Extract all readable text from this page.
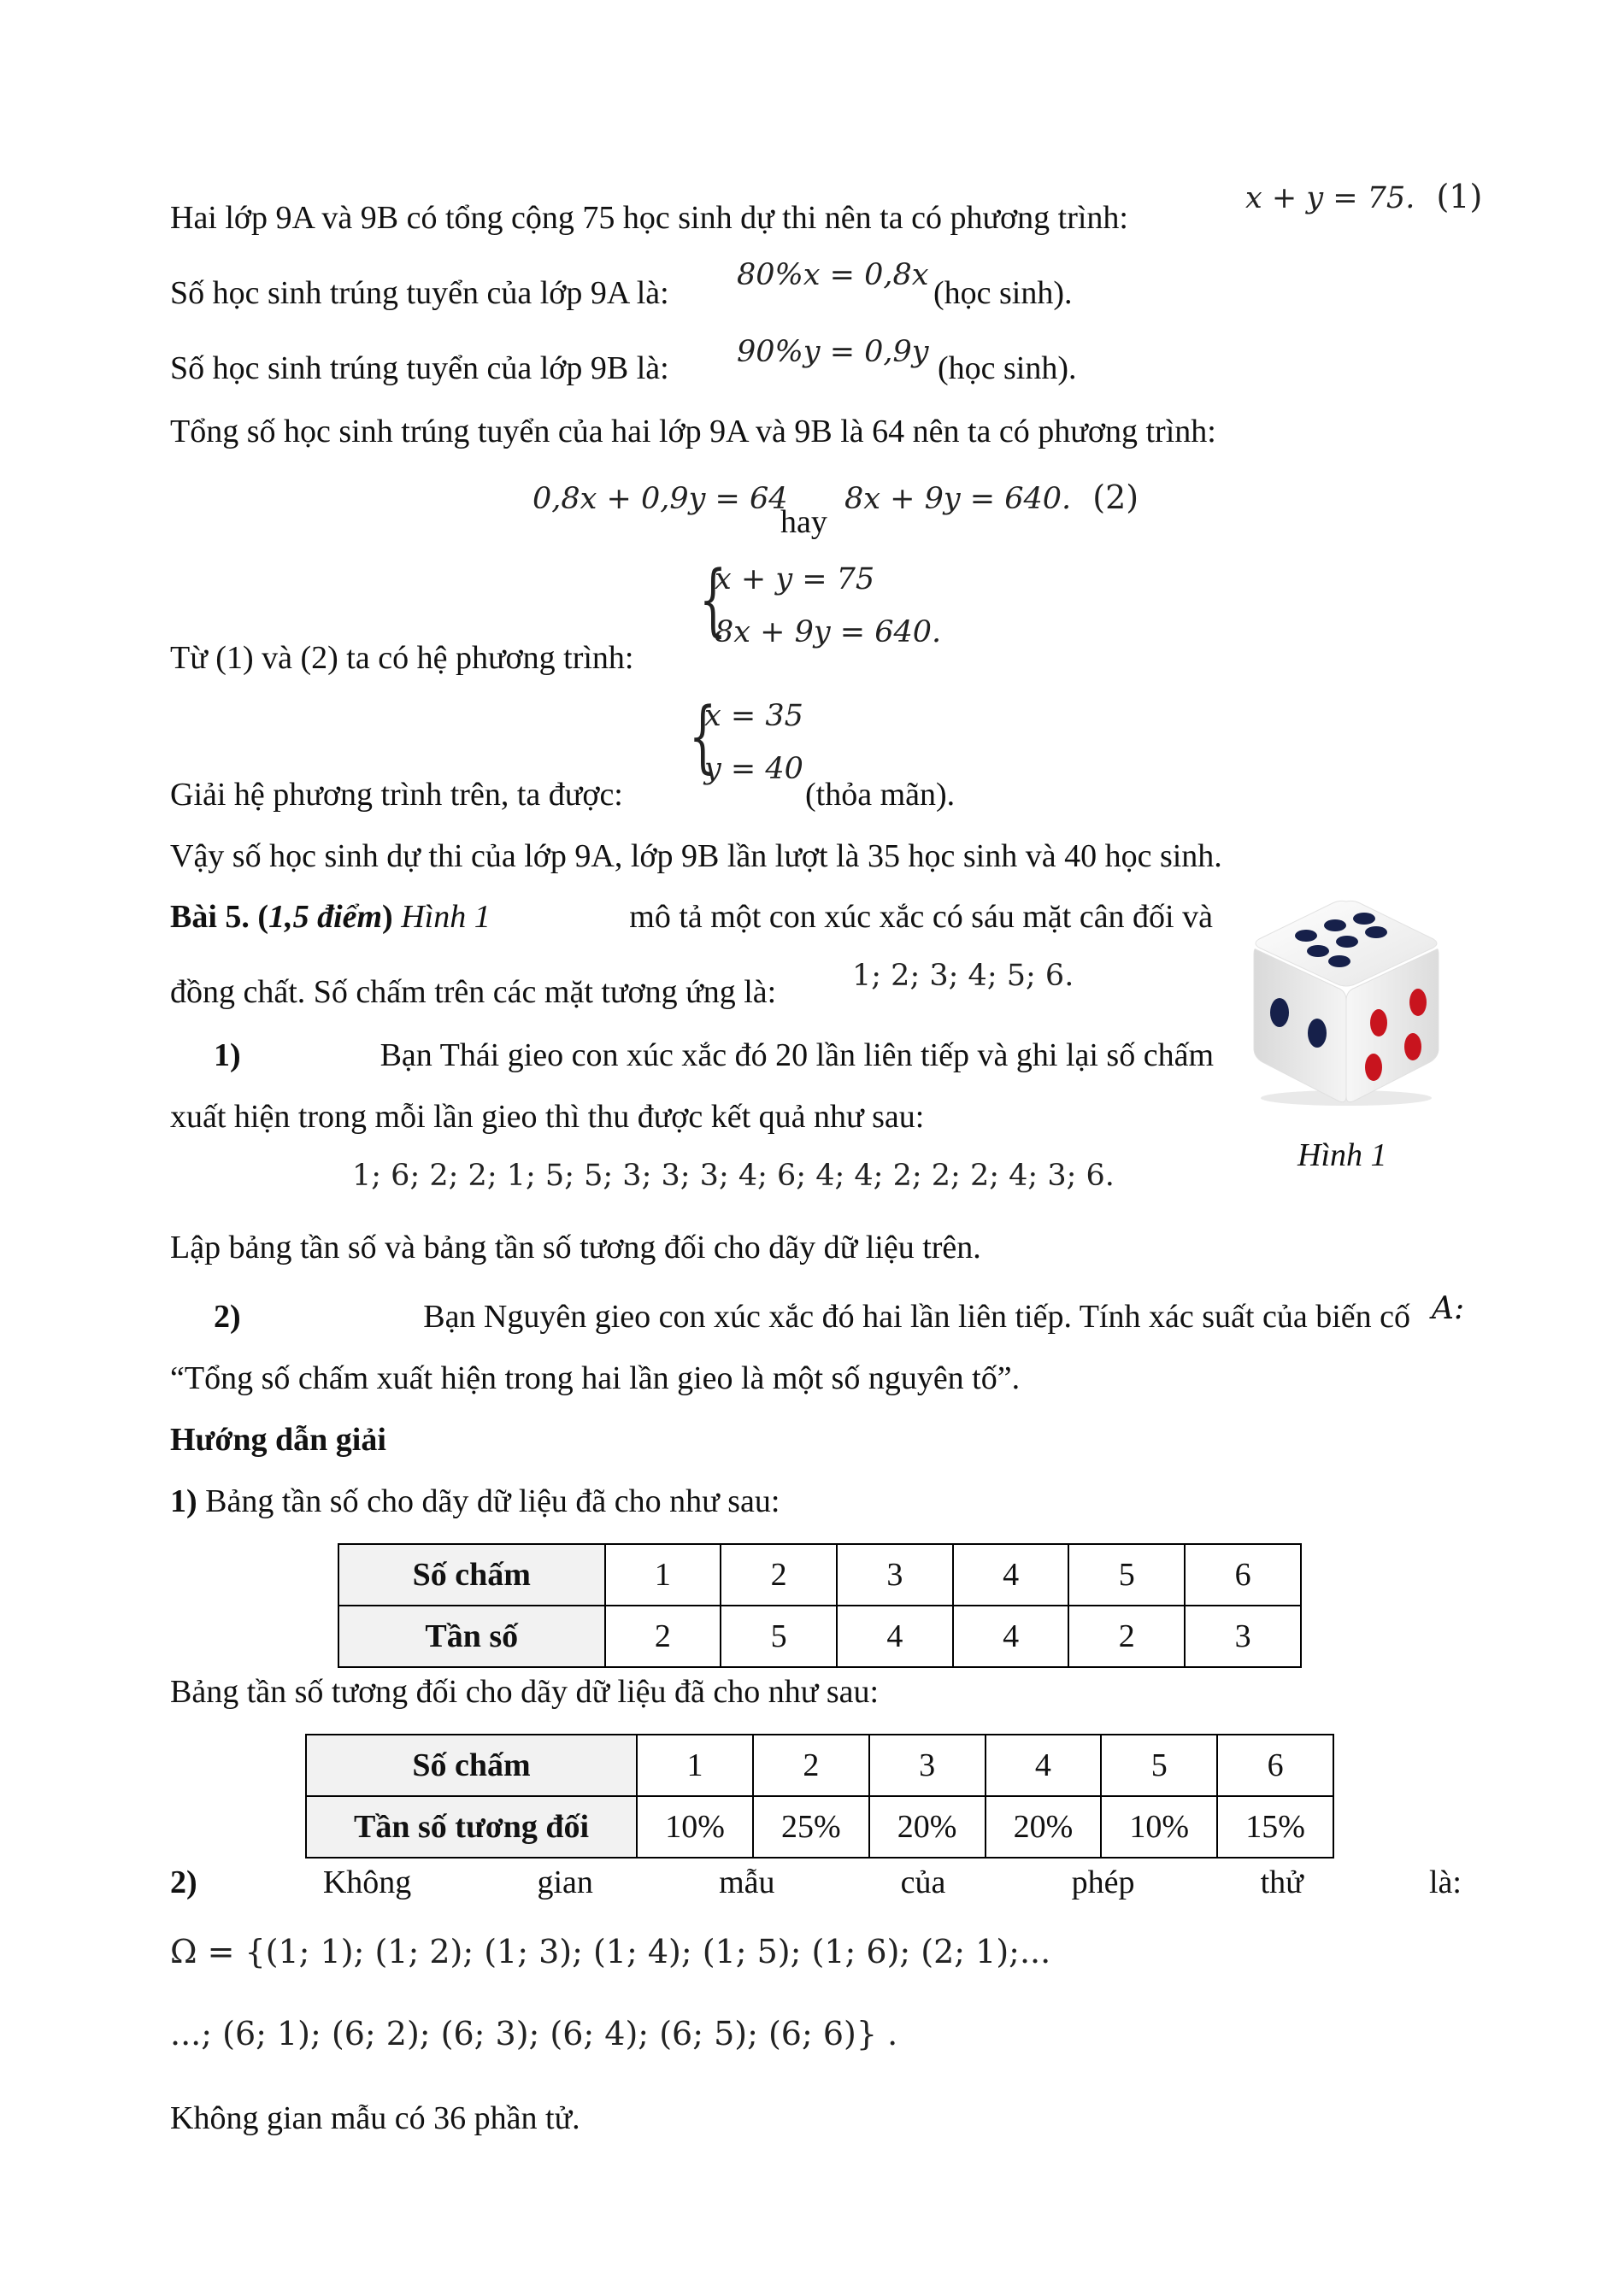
Hai lớp 9A và 9B có tổng cộng 75 học sinh dự thi nên ta có phương trình:
x + y = 75. (1)
Số học sinh trúng tuyển của lớp 9A là: 80%x = 0,8x (học sinh).
Số học sinh trúng tuyển của lớp 9B là: 90%y = 0,9y (học sinh).
Tổng số học sinh trúng tuyển của hai lớp 9A và 9B là 64 nên ta có phương trình:
0,8x + 0,9y = 64
hay
8x + 9y = 640. (2)
Từ (1) và (2) ta có hệ phương trình:
{
x + y = 75
8x + 9y = 640.
Giải hệ phương trình trên, ta được:
{
x = 35
y = 40
(thỏa mãn).
Vậy số học sinh dự thi của lớp 9A, lớp 9B lần lượt là 35 học sinh và 40 học sinh.
Bài 5. (1,5 điểm) Hình 1	mô tả một con xúc xắc có sáu mặt cân đối và
đồng chất. Số chấm trên các mặt tương ứng là:	1; 2; 3; 4; 5; 6.
1)	Bạn Thái gieo con xúc xắc đó 20 lần liên tiếp và ghi lại số chấm
xuất hiện trong mỗi lần gieo thì thu được kết quả như sau:
1; 6; 2; 2; 1; 5; 5; 3; 3; 3; 4; 6; 4; 4; 2; 2; 2; 4; 3; 6.
Hình 1
Lập bảng tần số và bảng tần số tương đối cho dãy dữ liệu trên.
2)	Bạn Nguyên gieo con xúc xắc đó hai lần liên tiếp. Tính xác suất của biến cố A:
“Tổng số chấm xuất hiện trong hai lần gieo là một số nguyên tố”.
Hướng dẫn giải
1) Bảng tần số cho dãy dữ liệu đã cho như sau:
Số chấm	1	2	3	4	5	6
Tần số	2	5	4	4	2	3
Bảng tần số tương đối cho dãy dữ liệu đã cho như sau:
Số chấm	1	2	3	4	5	6
Tần số tương đối	10%	25%	20%	20%	10%	15%
2)	Không	gian	mẫu	của	phép	thử	là:
Ω = {(1; 1); (1; 2); (1; 3); (1; 4); (1; 5); (1; 6); (2; 1);...
...; (6; 1); (6; 2); (6; 3); (6; 4); (6; 5); (6; 6)} .
Không gian mẫu có 36 phần tử.
